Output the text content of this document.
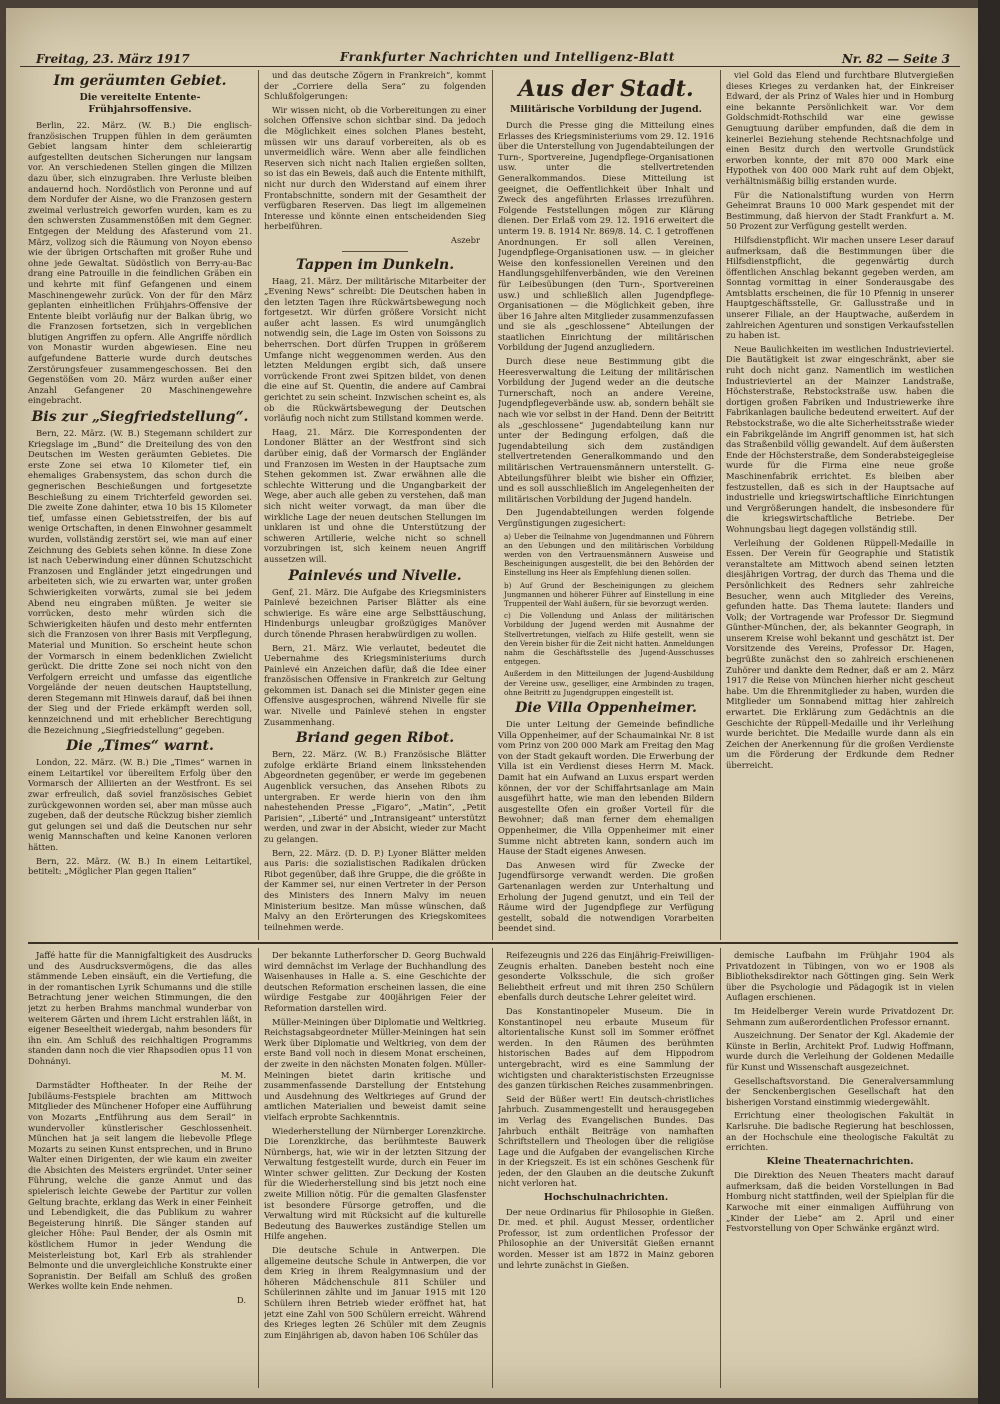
Freitag, 23. März 1917	Frankfurter Nachrichten und Intelligenz-Blatt	Nr. 82 — Seite 3
Im geräumten Gebiet.
Die vereitelte Entente-Frühjahrsoffensive.

Berlin, 22. März. (W. B.) Die englisch-französischen Truppen fühlen in dem geräumten Gebiet langsam hinter dem schleierartig aufgestellten deutschen Sicherungen nur langsam vor. An verschiedenen Stellen gingen die Milizen dazu über, sich einzugraben. Ihre Verluste bleiben andauernd hoch. Nordöstlich von Peronne und auf dem Nordufer der Aisne, wo die Franzosen gestern zweimal verlustreich geworfen wurden, kam es zu den schwersten Zusammenstößen mit dem Gegner. Entgegen der Meldung des Afasterund vom 21. März, vollzog sich die Räumung von Noyon ebenso wie der übrigen Ortschaften mit großer Ruhe und ohne jede Gewaltat. Südöstlich von Berry-au-Bac drang eine Patrouille in die feindlichen Gräben ein und kehrte mit fünf Gefangenen und einem Maschinengewehr zurück. Von der für den März geplanten einheitlichen Frühjahrs-Offensive der Entente bleibt vorläufig nur der Balkan übrig, wo die Franzosen fortsetzen, sich in vergeblichen blutigen Angriffen zu opfern. Alle Angriffe nördlich von Monastir wurden abgewiesen. Eine neu aufgefundene Batterie wurde durch deutsches Zerstörungsfeuer zusammengeschossen. Bei den Gegenstößen vom 20. März wurden außer einer Anzahl Gefangener 20 Maschinengewehre eingebracht.

Bis zur „Siegfriedstellung“.

Bern, 22. März. (W. B.) Stegemann schildert zur Kriegslage im „Bund“ die Dreiteilung des von den Deutschen im Westen geräumten Gebietes. Die erste Zone sei etwa 10 Kilometer tief, ein ehemaliges Grabensystem, das schon durch die gegnerischen Beschießungen und fortgesetzte Beschießung zu einem Trichterfeld geworden sei. Die zweite Zone dahinter, etwa 10 bis 15 Kilometer tief, umfasse einen Gebietsstreifen, der bis auf wenige Ortschaften, in denen Einwohner gesammelt wurden, vollständig zerstört sei, wie man auf einer Zeichnung des Gebiets sehen könne. In diese Zone ist nach Ueberwindung einer dünnen Schutzschicht Franzosen und Engländer jetzt eingedrungen und arbeiteten sich, wie zu erwarten war, unter großen Schwierigkeiten vorwärts, zumal sie bei jedem Abend neu eingraben müßten. Je weiter sie vorrücken, desto mehr würden sich die Schwierigkeiten häufen und desto mehr entfernten sich die Franzosen von ihrer Basis mit Verpflegung, Material und Munition. So erscheint heute schon der Vormarsch in einem bedenklichen Zwielicht gerückt. Die dritte Zone sei noch nicht von den Verfolgern erreicht und umfasse das eigentliche Vorgelände der neuen deutschen Hauptstellung, deren Stegemann mit Hinweis darauf, daß bei ihnen der Sieg und der Friede erkämpft werden soll, kennzeichnend und mit erheblicher Berechtigung die Bezeichnung „Siegfriedstellung“ gegeben.

Die „Times“ warnt.

London, 22. März. (W. B.) Die „Times“ warnen in einem Leitartikel vor übereiltem Erfolg über den Vormarsch der Alliierten an der Westfront. Es sei zwar erfreulich, daß soviel französisches Gebiet zurückgewonnen worden sei, aber man müsse auch zugeben, daß der deutsche Rückzug bisher ziemlich gut gelungen sei und daß die Deutschen nur sehr wenig Mannschaften und keine Kanonen verloren hätten.

Bern, 22. März. (W. B.) In einem Leitartikel, betitelt: „Möglicher Plan gegen Italien“

und das deutsche Zögern in Frankreich“, kommt der „Corriere della Sera“ zu folgenden Schlußfolgerungen:

Wir wissen nicht, ob die Vorbereitungen zu einer solchen Offensive schon sichtbar sind. Da jedoch die Möglichkeit eines solchen Planes besteht, müssen wir uns darauf vorbereiten, als ob es unvermeidlich wäre. Wenn aber alle feindlichen Reserven sich nicht nach Italien ergießen sollten, so ist das ein Beweis, daß auch die Entente mithilft, nicht nur durch den Widerstand auf einem ihrer Frontabschnitte, sondern mit der Gesamtheit der verfügbaren Reserven. Das liegt im allgemeinen Interesse und könnte einen entscheidenden Sieg herbeiführen.

Aszebr
Tappen im Dunkeln.

Haag, 21. März. Der militärische Mitarbeiter der „Evening News“ schreibt: Die Deutschen haben in den letzten Tagen ihre Rückwärtsbewegung noch fortgesetzt. Wir dürfen größere Vorsicht nicht außer acht lassen. Es wird unumgänglich notwendig sein, die Lage im Osten von Soissons zu beherrschen. Dort dürfen Truppen in größerem Umfange nicht weggenommen werden. Aus den letzten Meldungen ergibt sich, daß unsere vorrückende Front zwei Spitzen bildet, von denen die eine auf St. Quentin, die andere auf Cambrai gerichtet zu sein scheint. Inzwischen scheint es, als ob die Rückwärtsbewegung der Deutschen vorläufig noch nicht zum Stillstand kommen werde.

Haag, 21. März. Die Korrespondenten der Londoner Blätter an der Westfront sind sich darüber einig, daß der Vormarsch der Engländer und Franzosen im Westen in der Hauptsache zum Stehen gekommen ist. Zwar erwähnen alle die schlechte Witterung und die Ungangbarkeit der Wege, aber auch alle geben zu verstehen, daß man sich nicht weiter vorwagt, da man über die wirkliche Lage der neuen deutschen Stellungen im unklaren ist und ohne die Unterstützung der schweren Artillerie, welche nicht so schnell vorzubringen ist, sich keinem neuen Angriff aussetzen will.

Painlevés und Nivelle.

Genf, 21. März. Die Aufgabe des Kriegsministers Painlevé bezeichnen Pariser Blätter als eine schwierige. Es wäre eine arge Selbsttäuschung, Hindenburgs unleugbar großzügiges Manöver durch tönende Phrasen herabwürdigen zu wollen.

Bern, 21. März. Wie verlautet, bedeutet die Uebernahme des Kriegsministeriums durch Painlevé ein Anzeichen dafür, daß die Idee einer französischen Offensive in Frankreich zur Geltung gekommen ist. Danach sei die Minister gegen eine Offensive ausgesprochen, während Nivelle für sie war. Nivelle und Painlevé stehen in engster Zusammenhang.

Briand gegen Ribot.

Bern, 22. März. (W. B.) Französische Blätter zufolge erklärte Briand einem linksstehenden Abgeordneten gegenüber, er werde im gegebenen Augenblick versuchen, das Ansehen Ribots zu untergraben. Er werde hierin von den ihm nahestehenden Presse „Figaro“, „Matin“, „Petit Parisien“, „Liberté“ und „Intransigeant“ unterstützt werden, und zwar in der Absicht, wieder zur Macht zu gelangen.

Bern, 22. März. (D. D. P.) Lyoner Blätter melden aus Paris: die sozialistischen Radikalen drücken Ribot gegenüber, daß ihre Gruppe, die die größte in der Kammer sei, nur einen Vertreter in der Person des Ministers des Innern Malvy im neuen Ministerium besitze. Man müsse wünschen, daß Malvy an den Erörterungen des Kriegskomitees teilnehmen werde.

Aus der Stadt.
Militärische Vorbildung der Jugend.

Durch die Presse ging die Mitteilung eines Erlasses des Kriegsministeriums vom 29. 12. 1916 über die Unterstellung von Jugendabteilungen der Turn-, Sportvereine, Jugendpflege-Organisationen usw. unter die stellvertretenden Generalkommandos. Diese Mitteilung ist geeignet, die Oeffentlichkeit über Inhalt und Zweck des angeführten Erlasses irrezuführen. Folgende Feststellungen mögen zur Klärung dienen. Der Erlaß vom 29. 12. 1916 erweitert die unterm 19. 8. 1914 Nr. 869/8. 14. C. 1 getroffenen Anordnungen. Er soll allen Vereinen, Jugendpflege-Organisationen usw. — in gleicher Weise den konfessionellen Vereinen und den Handlungsgehilfenverbänden, wie den Vereinen für Leibesübungen (den Turn-, Sportvereinen usw.) und schließlich allen Jugendpflege-Organisationen — die Möglichkeit geben, ihre über 16 Jahre alten Mitglieder zusammenzufassen und sie als „geschlossene“ Abteilungen der staatlichen Einrichtung der militärischen Vorbildung der Jugend anzugliedern.

Durch diese neue Bestimmung gibt die Heeresverwaltung die Leitung der militärischen Vorbildung der Jugend weder an die deutsche Turnerschaft, noch an andere Vereine, Jugendpflegeverbände usw. ab, sondern behält sie nach wie vor selbst in der Hand. Denn der Beitritt als „geschlossene“ Jugendabteilung kann nur unter der Bedingung erfolgen, daß die Jugendabteilung sich dem zuständigen stellvertretenden Generalkommando und den militärischen Vertrauensmännern unterstellt. G-Abteilungsführer bleibt wie bisher ein Offizier, und es soll ausschließlich im Angelegenheiten der militärischen Vorbildung der Jugend handeln.

Den Jugendabteilungen werden folgende Vergünstigungen zugesichert:

a) Ueber die Teilnahme von Jugendmannen und Führern an den Uebungen und den militärischen Vorbildung werden von den Vertrauensmännern Ausweise und Bescheinigungen ausgestellt, die bei den Behörden der Einstellung ins Heer als Empfehlung dienen sollen.

b) Auf Grund der Bescheinigungen zu gleichem Jungmannen und höherer Führer auf Einstellung in eine Truppenteil der Wahl äußern, für sie bevorzugt werden.

c) Die Vollendung und Anlass der militärischen Vorbildung der Jugend werden mit Ausnahme der Stellvertretungen, vielfach zu Hilfe gestellt, wenn sie den Verein bisher für die Zeit nicht hatten. Anmeldungen nahm die Geschäftsstelle des Jugend-Ausschusses entgegen.

Außerdem in den Mitteilungen der Jugend-Ausbildung der Vereine usw., geselliger, eine Armbinden zu tragen, ohne Beitritt zu Jugendgruppen eingestellt ist.

Die Villa Oppenheimer.

Die unter Leitung der Gemeinde befindliche Villa Oppenheimer, auf der Schaumainkai Nr. 8 ist vom Prinz von 200 000 Mark am Freitag den Mag von der Stadt gekauft worden. Die Erwerbung der Villa ist ein Verdienst dieses Herrn M. Mack. Damit hat ein Aufwand an Luxus erspart werden können, der vor der Schiffahrtsanlage am Main ausgeführt hatte, wie man den lebenden Bildern ausgestellte Ofen ein großer Vorteil für die Bewohner; daß man ferner dem ehemaligen Oppenheimer, die Villa Oppenheimer mit einer Summe nicht abtreten kann, sondern auch im Hause der Stadt eigenes Anwesen.

Das Anwesen wird für Zwecke der Jugendfürsorge verwandt werden. Die großen Gartenanlagen werden zur Unterhaltung und Erholung der Jugend genutzt, und ein Teil der Räume wird der Jugendpflege zur Verfügung gestellt, sobald die notwendigen Vorarbeiten beendet sind.

viel Gold das Elend und furchtbare Blutvergießen dieses Krieges zu verdanken hat, der Einkreiser Edward, der als Prinz of Wales hier und in Homburg eine bekannte Persönlichkeit war. Vor dem Goldschmidt-Rothschild war eine gewisse Genugtuung darüber empfunden, daß die dem in keinerlei Beziehung stehende Rechtsnachfolge und einen Besitz durch den wertvolle Grundstück erworben konnte, der mit 870 000 Mark eine Hypothek von 400 000 Mark ruht auf dem Objekt, verhältnismäßig billig erstanden wurde.

Für die Nationalstiftung wurden von Herrn Geheimrat Brauns 10 000 Mark gespendet mit der Bestimmung, daß hiervon der Stadt Frankfurt a. M. 50 Prozent zur Verfügung gestellt werden.

Hilfsdienstpflicht. Wir machen unsere Leser darauf aufmerksam, daß die Bestimmungen über die Hilfsdienstpflicht, die gegenwärtig durch öffentlichen Anschlag bekannt gegeben werden, am Sonntag vormittag in einer Sonderausgabe des Amtsblatts erscheinen, die für 10 Pfennig in unserer Hauptgeschäftsstelle, Gr. Gallusstraße und in unserer Filiale, an der Hauptwache, außerdem in zahlreichen Agenturen und sonstigen Verkaufsstellen zu haben ist.

Neue Baulichkeiten im westlichen Industrieviertel. Die Bautätigkeit ist zwar eingeschränkt, aber sie ruht doch nicht ganz. Namentlich im westlichen Industrieviertel an der Mainzer Landstraße, Höchsterstraße, Rebstockstraße usw. haben die dortigen großen Fabriken und Industriewerke ihre Fabrikanlagen bauliche bedeutend erweitert. Auf der Rebstockstraße, wo die alte Sicherheitsstraße wieder ein Fabrikgelände im Angriff genommen ist, hat sich das Straßenbild völlig gewandelt. Auf dem äußersten Ende der Höchsterstraße, dem Sonderabsteigegleise wurde für die Firma eine neue große Maschinenfabrik errichtet. Es bleiben aber festzustellen, daß es sich in der Hauptsache auf industrielle und kriegswirtschaftliche Einrichtungen und Vergrößerungen handelt, die insbesondere für die kriegswirtschaftliche Betriebe. Der Wohnungsbau liegt dagegen vollständig still.

Verleihung der Goldenen Rüppell-Medaille in Essen. Der Verein für Geographie und Statistik veranstaltete am Mittwoch abend seinen letzten diesjährigen Vortrag, der durch das Thema und die Persönlichkeit des Redners sehr zahlreiche Besucher, wenn auch Mitglieder des Vereins, gefunden hatte. Das Thema lautete: Ilanders und Volk; der Vortragende war Professor Dr. Siegmund Günther-München, der, als bekannter Geograph, in unserem Kreise wohl bekannt und geschätzt ist. Der Vorsitzende des Vereins, Professor Dr. Hagen, begrüßte zunächst den so zahlreich erschienenen Zuhörer und dankte dem Redner, daß er am 2. März 1917 die Reise von München hierher nicht gescheut habe. Um die Ehrenmitglieder zu haben, wurden die Mitglieder um Sonnabend mittag hier zahlreich erwartet. Die Erklärung zum Gedächtnis an die Geschichte der Rüppell-Medaille und ihr Verleihung wurde berichtet. Die Medaille wurde dann als ein Zeichen der Anerkennung für die großen Verdienste um die Förderung der Erdkunde dem Redner überreicht.

Jaffé hatte für die Mannigfaltigkeit des Ausdrucks und des Ausdrucksvermögens, die das alles stämmende Leben einsäuft, ein die Vertiefung, die in der romantischen Lyrik Schumanns und die stille Betrachtung jener weichen Stimmungen, die den jetzt zu herben Brahms manchmal wunderbar von weiterem Gärten und ihrem Licht erstrahlen läßt, in eigener Beseeltheit wiedergab, nahm besonders für ihn ein. Am Schluß des reichhaltigen Programms standen dann noch die vier Rhapsodien opus 11 von Dohnányi.

M. M.

Darmstädter Hoftheater. In der Reihe der Jubiläums-Festspiele brachten am Mittwoch Mitglieder des Münchener Hofoper eine Aufführung von Mozarts „Entführung aus dem Serail“ in wundervoller künstlerischer Geschlossenheit. München hat ja seit langem die liebevolle Pflege Mozarts zu seinen Kunst entsprechen, und in Bruno Walter einen Dirigenten, der wie kaum ein zweiter die Absichten des Meisters ergründet. Unter seiner Führung, welche die ganze Anmut und das spielerisch leichte Gewebe der Partitur zur vollen Geltung brachte, erklang das Werk in einer Feinheit und Lebendigkeit, die das Publikum zu wahrer Begeisterung hinriß. Die Sänger standen auf gleicher Höhe: Paul Bender, der als Osmin mit köstlichem Humor in jeder Wendung die Meisterleistung bot, Karl Erb als strahlender Belmonte und die unvergleichliche Konstrukte einer Sopranistin. Der Beifall am Schluß des großen Werkes wollte kein Ende nehmen.

D.

Der bekannte Lutherforscher D. Georg Buchwald wird demnächst im Verlage der Buchhandlung des Waisenhauses in Halle a. S. eine Geschichte der deutschen Reformation erscheinen lassen, die eine würdige Festgabe zur 400jährigen Feier der Reformation darstellen wird.

Müller-Meiningen über Diplomatie und Weltkrieg. Reichstagsabgeordneter Müller-Meiningen hat sein Werk über Diplomatie und Weltkrieg, von dem der erste Band voll noch in diesem Monat erscheinen, der zweite in den nächsten Monaten folgen. Müller-Meiningen bietet darin kritische und zusammenfassende Darstellung der Entstehung und Ausdehnung des Weltkrieges auf Grund der amtlichen Materialien und beweist damit seine vielfach erprobte Sachkenntnis.

Wiederherstellung der Nürnberger Lorenzkirche. Die Lorenzkirche, das berühmteste Bauwerk Nürnbergs, hat, wie wir in der letzten Sitzung der Verwaltung festgestellt wurde, durch ein Feuer im Winter schwer gelitten. Zur Deckung der Kosten für die Wiederherstellung sind bis jetzt noch eine zweite Million nötig. Für die gemalten Glasfenster ist besondere Fürsorge getroffen, und die Verwaltung wird mit Rücksicht auf die kulturelle Bedeutung des Bauwerkes zuständige Stellen um Hilfe angehen.

Die deutsche Schule in Antwerpen. Die allgemeine deutsche Schule in Antwerpen, die vor dem Krieg in ihrem Realgymnasium und der höheren Mädchenschule 811 Schüler und Schülerinnen zählte und im Januar 1915 mit 120 Schülern ihren Betrieb wieder eröffnet hat, hat jetzt eine Zahl von 500 Schülern erreicht. Während des Krieges legten 26 Schüler mit dem Zeugnis zum Einjährigen ab, davon haben 106 Schüler das

Reifezeugnis und 226 das Einjährig-Freiwilligen-Zeugnis erhalten. Daneben besteht noch eine gesonderte Volksschule, die sich großer Beliebtheit erfreut und mit ihren 250 Schülern ebenfalls durch deutsche Lehrer geleitet wird.

Das Konstantinopeler Museum. Die in Konstantinopel neu erbaute Museum für altorientalische Kunst soll im Sommer eröffnet werden. In den Räumen des berühmten historischen Bades auf dem Hippodrom untergebracht, wird es eine Sammlung der wichtigsten und charakteristischsten Erzeugnisse des ganzen türkischen Reiches zusammenbringen.

Seid der Büßer wert! Ein deutsch-christliches Jahrbuch. Zusammengestellt und herausgegeben im Verlag des Evangelischen Bundes. Das Jahrbuch enthält Beiträge von namhaften Schriftstellern und Theologen über die religiöse Lage und die Aufgaben der evangelischen Kirche in der Kriegszeit. Es ist ein schönes Geschenk für jeden, der den Glauben an die deutsche Zukunft nicht verloren hat.

Hochschulnachrichten.

Der neue Ordinarius für Philosophie in Gießen. Dr. med. et phil. August Messer, ordentlicher Professor, ist zum ordentlichen Professor der Philosophie an der Universität Gießen ernannt worden. Messer ist am 1872 in Mainz geboren und lehrte zunächst in Gießen.

demische Laufbahn im Frühjahr 1904 als Privatdozent in Tübingen, von wo er 1908 als Bibliotheksdirektor nach Göttingen ging. Sein Werk über die Psychologie und Pädagogik ist in vielen Auflagen erschienen.

Im Heidelberger Verein wurde Privatdozent Dr. Sehmann zum außerordentlichen Professor ernannt.

Auszeichnung. Der Senator der Kgl. Akademie der Künste in Berlin, Architekt Prof. Ludwig Hoffmann, wurde durch die Verleihung der Goldenen Medaille für Kunst und Wissenschaft ausgezeichnet.

Gesellschaftsvorstand. Die Generalversammlung der Senckenbergischen Gesellschaft hat den bisherigen Vorstand einstimmig wiedergewählt.

Errichtung einer theologischen Fakultät in Karlsruhe. Die badische Regierung hat beschlossen, an der Hochschule eine theologische Fakultät zu errichten.

Kleine Theaternachrichten.

Die Direktion des Neuen Theaters macht darauf aufmerksam, daß die beiden Vorstellungen in Bad Homburg nicht stattfinden, weil der Spielplan für die Karwoche mit einer einmaligen Aufführung von „Kinder der Liebe“ am 2. April und einer Festvorstellung von Oper Schwänke ergänzt wird.
